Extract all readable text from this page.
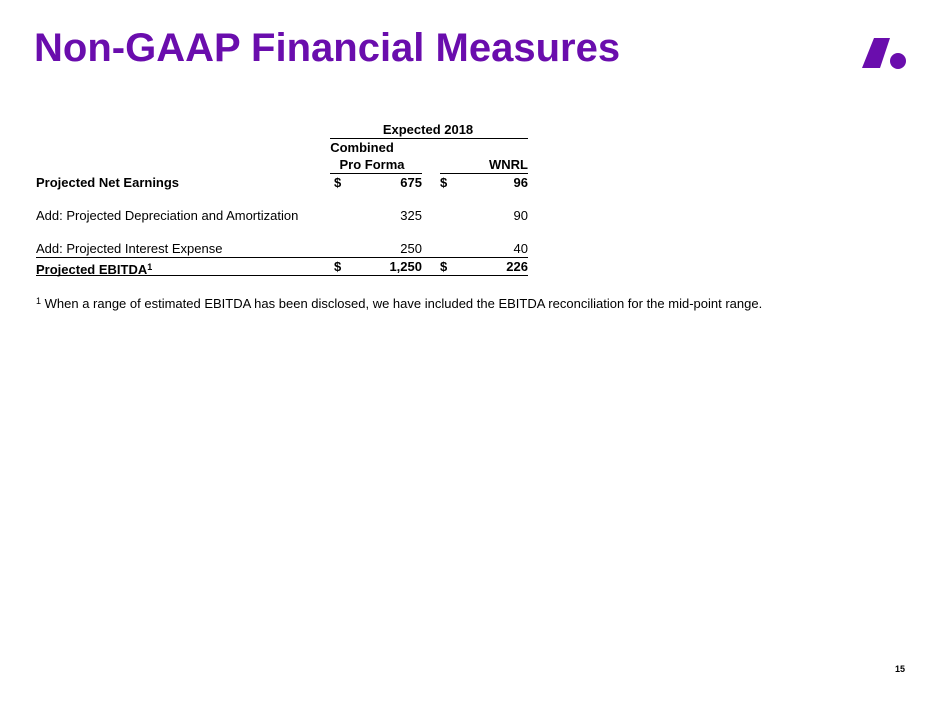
Non-GAAP Financial Measures
Expected 2018
Combined
Pro Forma	WNRL
Projected Net Earnings	$	675 $	96
Add: Projected Depreciation and Amortization	325	90
Add: Projected Interest Expense	250	40
Projected EBITDA$^1$	$	1,250 $	226
$^1$ When a range of estimated EBITDA has been disclosed, we have included the EBITDA reconciliation for the mid-point range.
15
